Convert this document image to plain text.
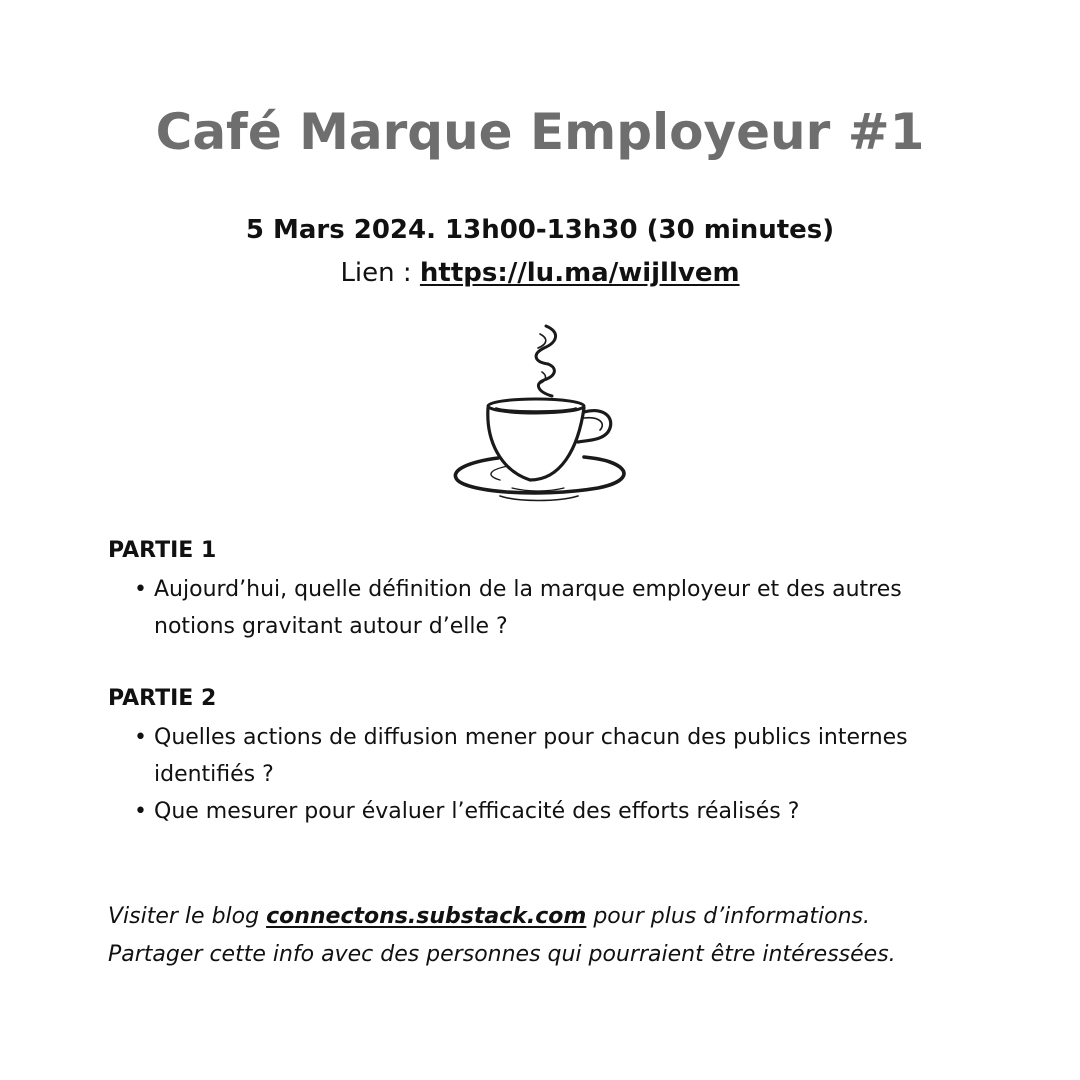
Café Marque Employeur #1
5 Mars 2024. 13h00-13h30 (30 minutes)
Lien : https://lu.ma/wijllvem
PARTIE 1
• Aujourd’hui, quelle définition de la marque employeur et des autres
notions gravitant autour d’elle ?
PARTIE 2
• Quelles actions de diffusion mener pour chacun des publics internes
identifiés ?
• Que mesurer pour évaluer l’efficacité des efforts réalisés ?
Visiter le blog connectons.substack.com pour plus d’informations.
Partager cette info avec des personnes qui pourraient être intéressées.
